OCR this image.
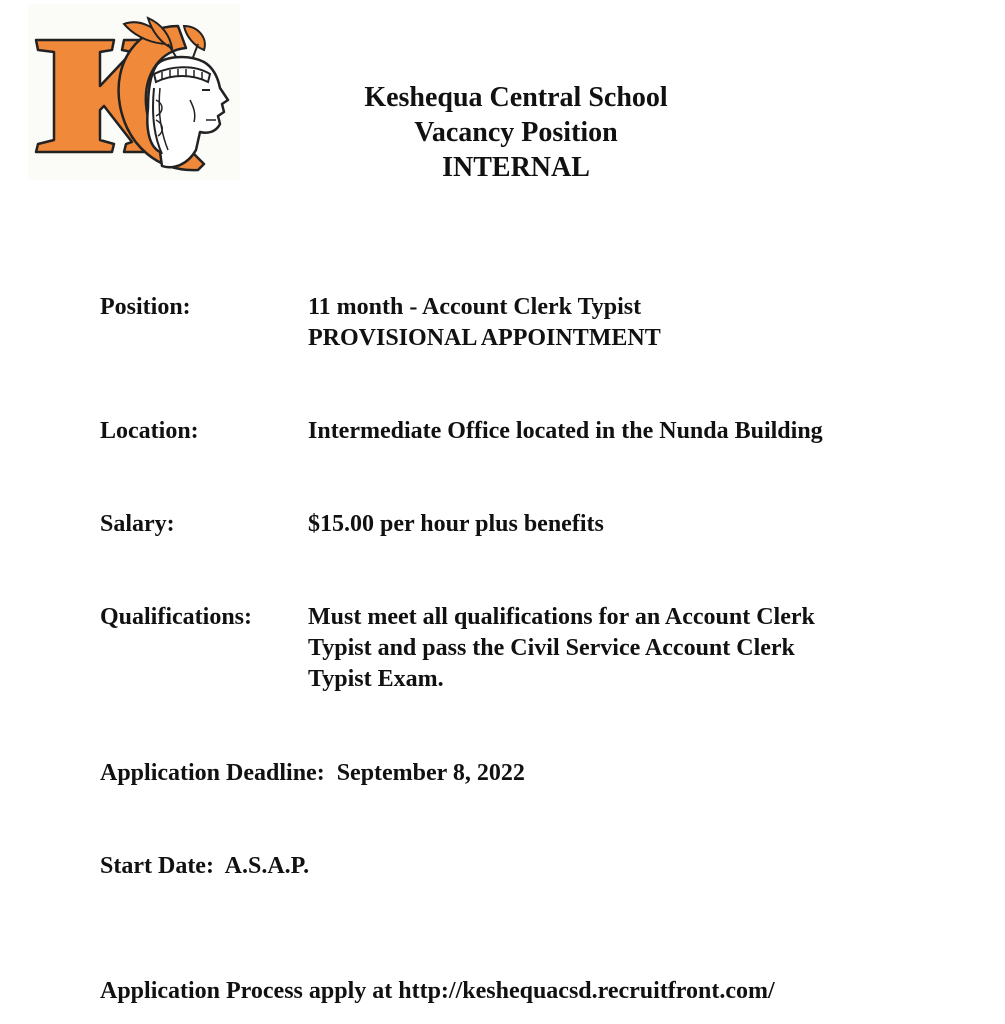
Keshequa Central School
Vacancy Position
INTERNAL
Position:	11 month - Account Clerk Typist
PROVISIONAL APPOINTMENT
Location:	Intermediate Office located in the Nunda Building
Salary:	$15.00 per hour plus benefits
Qualifications: Must meet all qualifications for an Account Clerk
Typist and pass the Civil Service Account Clerk
Typist Exam.
Application Deadline: September 8, 2022
Start Date: A.S.A.P.
Application Process apply at http://keshequacsd.recruitfront.com/
